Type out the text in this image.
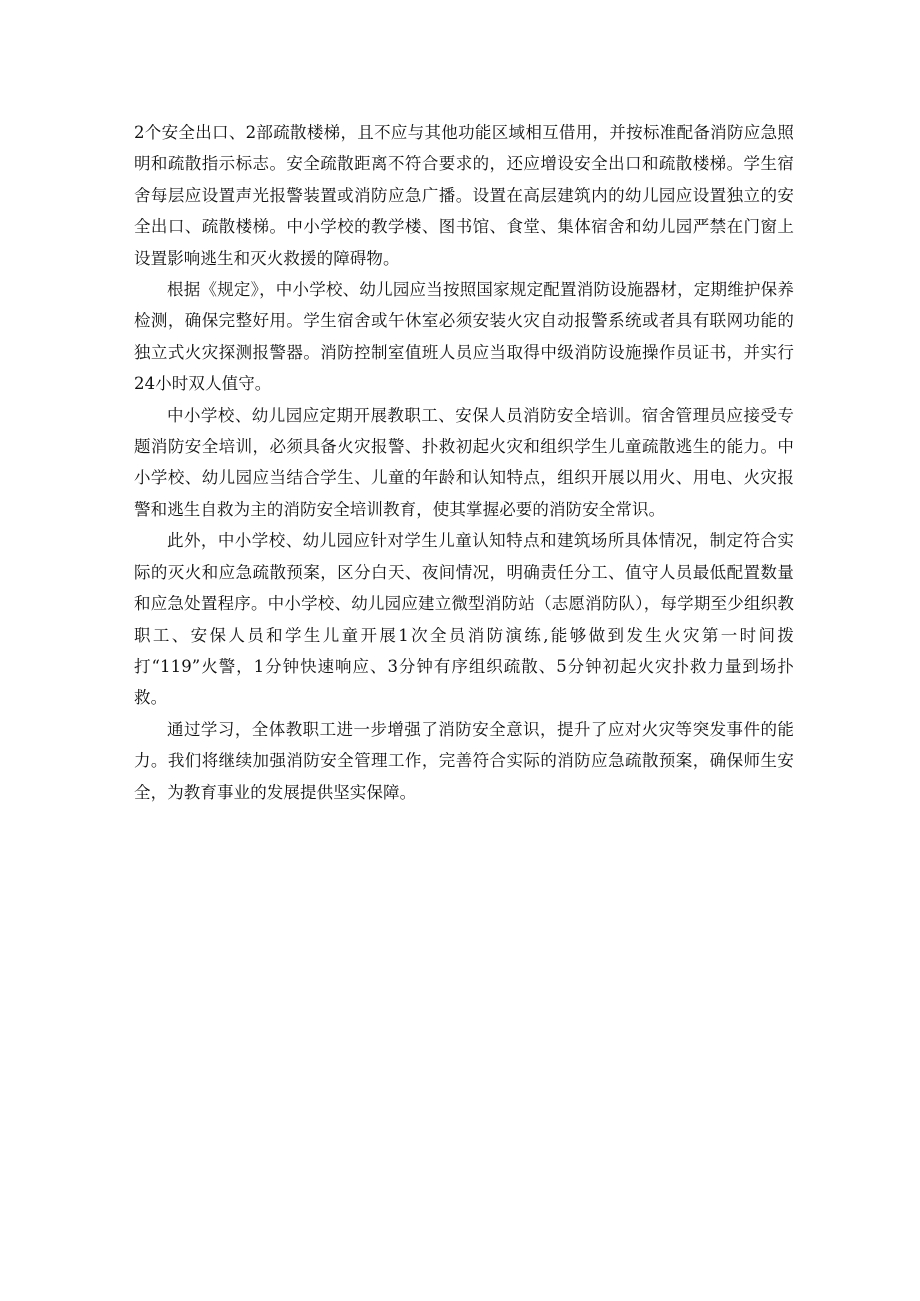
2个安全出口、2部疏散楼梯，且不应与其他功能区域相互借用，并按标准配备消防应急照明和疏散指示标志。安全疏散距离不符合要求的，还应增设安全出口和疏散楼梯。学生宿舍每层应设置声光报警装置或消防应急广播。设置在高层建筑内的幼儿园应设置独立的安全出口、疏散楼梯。中小学校的教学楼、图书馆、食堂、集体宿舍和幼儿园严禁在门窗上设置影响逃生和灭火救援的障碍物。

根据《规定》，中小学校、幼儿园应当按照国家规定配置消防设施器材，定期维护保养检测，确保完整好用。学生宿舍或午休室必须安装火灾自动报警系统或者具有联网功能的独立式火灾探测报警器。消防控制室值班人员应当取得中级消防设施操作员证书，并实行24小时双人值守。

中小学校、幼儿园应定期开展教职工、安保人员消防安全培训。宿舍管理员应接受专题消防安全培训，必须具备火灾报警、扑救初起火灾和组织学生儿童疏散逃生的能力。中小学校、幼儿园应当结合学生、儿童的年龄和认知特点，组织开展以用火、用电、火灾报警和逃生自救为主的消防安全培训教育，使其掌握必要的消防安全常识。

此外，中小学校、幼儿园应针对学生儿童认知特点和建筑场所具体情况，制定符合实际的灭火和应急疏散预案，区分白天、夜间情况，明确责任分工、值守人员最低配置数量和应急处置程序。中小学校、幼儿园应建立微型消防站（志愿消防队），每学期至少组织教职工、安保人员和学生儿童开展1次全员消防演练,能够做到发生火灾第一时间拨打“119”火警，1分钟快速响应、3分钟有序组织疏散、5分钟初起火灾扑救力量到场扑救。

通过学习，全体教职工进一步增强了消防安全意识，提升了应对火灾等突发事件的能力。我们将继续加强消防安全管理工作，完善符合实际的消防应急疏散预案，确保师生安全，为教育事业的发展提供坚实保障。
